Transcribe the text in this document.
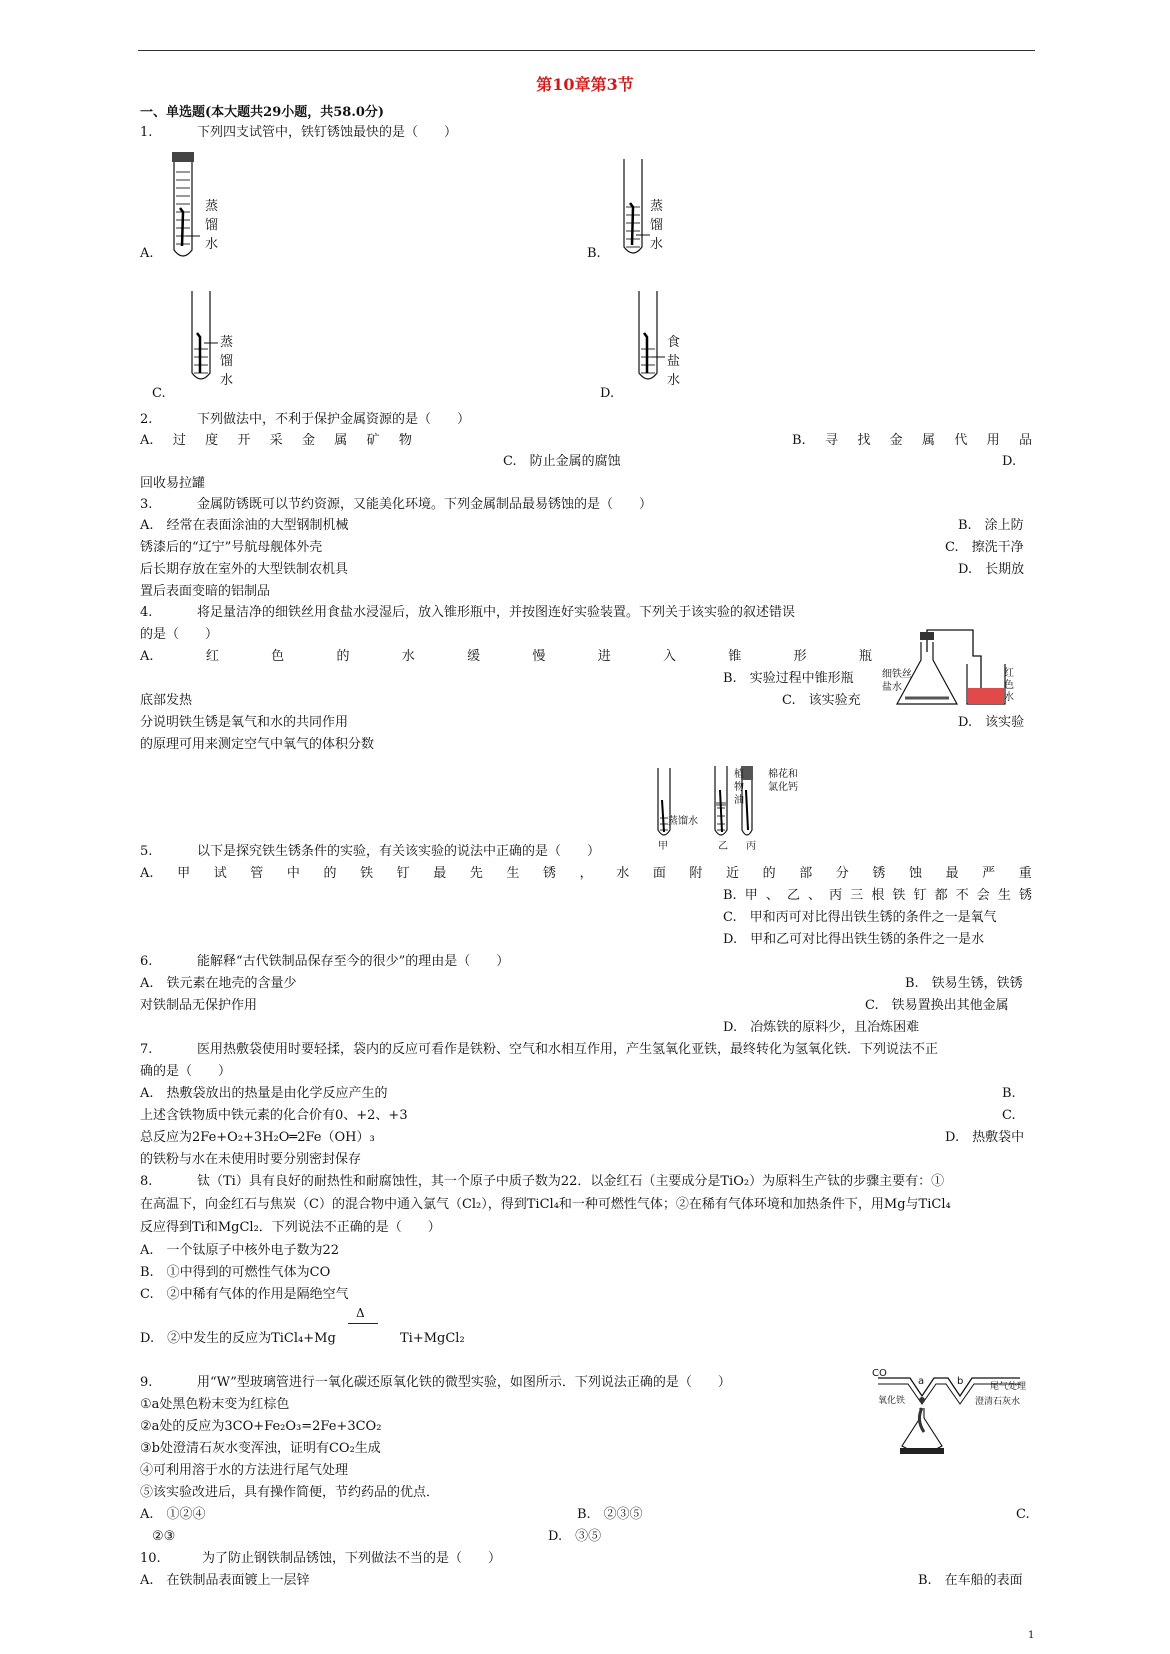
第10章第3节
一、单选题(本大题共29小题，共58.0分)
1.	下列四支试管中，铁钉锈蚀最快的是（　　）
蒸
馏
水
A.
蒸
馏
水
B.
蒸
馏
水
C.
食
盐
水
D.
2.	下列做法中，不利于保护金属资源的是（　　）
A. 过 度 开 采 金 属 矿 物	B. 寻 找 金 属 代 用 品
C.　防止金属的腐蚀	D.
回收易拉罐
3.	金属防锈既可以节约资源，又能美化环境。下列金属制品最易锈蚀的是（　　）
A.　经常在表面涂油的大型钢制机械	B.　涂上防
锈漆后的“辽宁”号航母舰体外壳	C.　擦洗干净
后长期存放在室外的大型铁制农机具	D.　长期放
置后表面变暗的铝制品
4.	将足量洁净的细铁丝用食盐水浸湿后，放入锥形瓶中，并按图连好实验装置。下列关于该实验的叙述错误
的是（　　）
A.	红	色	的	水	缓	慢	进	入	锥	形	瓶
B.　实验过程中锥形瓶
底部发热	C.　该实验充
分说明铁生锈是氧气和水的共同作用	D.　该实验
的原理可用来测定空气中氧气的体积分数
细铁丝
盐水
红
色
水
蒸馏水
植
物
油
棉花和
氯化钙
甲	乙 丙
5.	以下是探究铁生锈条件的实验，有关该实验的说法中正确的是（　　）
A. 甲 试 管 中 的 铁 钉 最 先 生 锈 ， 水 面 附 近 的 部 分 锈 蚀 最 严 重
B. 甲 、 乙 、 丙 三 根 铁 钉 都 不 会 生 锈
C.　甲和丙可对比得出铁生锈的条件之一是氧气
D.　甲和乙可对比得出铁生锈的条件之一是水
6.	能解释“古代铁制品保存至今的很少”的理由是（　　）
A.　铁元素在地壳的含量少	B.　铁易生锈，铁锈
对铁制品无保护作用	C.　铁易置换出其他金属
D.　冶炼铁的原料少，且冶炼困难
7.	医用热敷袋使用时要轻揉，袋内的反应可看作是铁粉、空气和水相互作用，产生氢氧化亚铁，最终转化为氢氧化铁．下列说法不正
确的是（　　）
A.　热敷袋放出的热量是由化学反应产生的	B.
上述含铁物质中铁元素的化合价有0、+2、+3	C.
总反应为2Fe+O₂+3H₂O═2Fe（OH）₃	D.　热敷袋中
的铁粉与水在未使用时要分别密封保存
8.	钛（Ti）具有良好的耐热性和耐腐蚀性，其一个原子中质子数为22．以金红石（主要成分是TiO₂）为原料生产钛的步骤主要有：①
在高温下，向金红石与焦炭（C）的混合物中通入氯气（Cl₂），得到TiCl₄和一种可燃性气体；②在稀有气体环境和加热条件下，用Mg与TiCl₄
反应得到Ti和MgCl₂．下列说法不正确的是（　　）
A.　一个钛原子中核外电子数为22
B.　①中得到的可燃性气体为CO
C.　②中稀有气体的作用是隔绝空气
D.　②中发生的反应为TiCl₄+Mg
Δ
Ti+MgCl₂
9.	用“W”型玻璃管进行一氧化碳还原氧化铁的微型实验，如图所示．下列说法正确的是（　　）
①a处黑色粉末变为红棕色
②a处的反应为3CO+Fe₂O₃=2Fe+3CO₂
③b处澄清石灰水变浑浊，证明有CO₂生成
④可利用溶于水的方法进行尾气处理
⑤该实验改进后，具有操作简便，节约药品的优点．
A.　①②④	B.　②③⑤	C.
②③	D.　③⑤
CO
a	b
氧化铁
尾气处理
澄清石灰水
10.	为了防止钢铁制品锈蚀，下列做法不当的是（　　）
A.　在铁制品表面镀上一层锌	B.　在车船的表面
1
